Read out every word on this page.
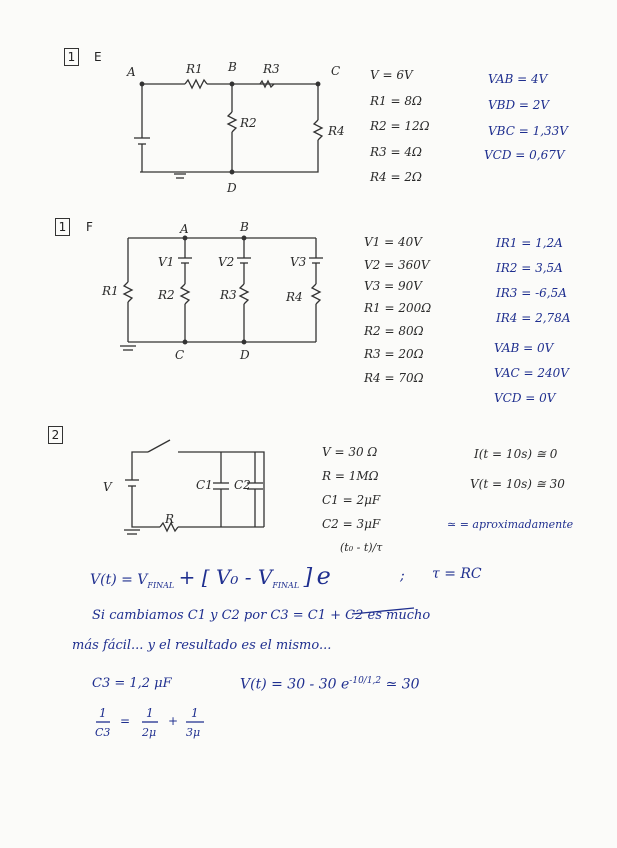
1	E
A	B	C
D
R1	R3
R2
R4
V = 6V
R1 = 8Ω
R2 = 12Ω
R3 = 4Ω
R4 = 2Ω
VAB = 4V
VBD = 2V
VBC = 1,33V
VCD = 0,67V
1	F	A	B
C	D
V1	V2	V3
R1	R2	R3	R4
V1 = 40V
V2 = 360V
V3 = 90V
R1 = 200Ω
R2 = 80Ω
R3 = 20Ω
R4 = 70Ω
IR1 = 1,2A
IR2 = 3,5A
IR3 = -6,5A
IR4 = 2,78A
VAB = 0V
VAC = 240V
VCD = 0V
2
V
R
C1 C2
V = 30 Ω
R = 1MΩ
C1 = 2μF
C2 = 3μF
(t₀ - t)/τ
I(t = 10s) ≅ 0
V(t = 10s) ≅ 30
≃ = aproximadamente
$V(t) = V_{FINAL}$ + [ $V_0 - V_{FINAL}$ ] e	; τ = RC
Si cambiamos C1 y C2 por C3 = C1 + C2 es mucho
más fácil... y el resultado es el mismo...
C3 = 1,2 μF	V(t) = 30 - 30 $e^{-10/1,2}$ ≃ 30
1
C3
=
1
2μ
+
1
3μ
